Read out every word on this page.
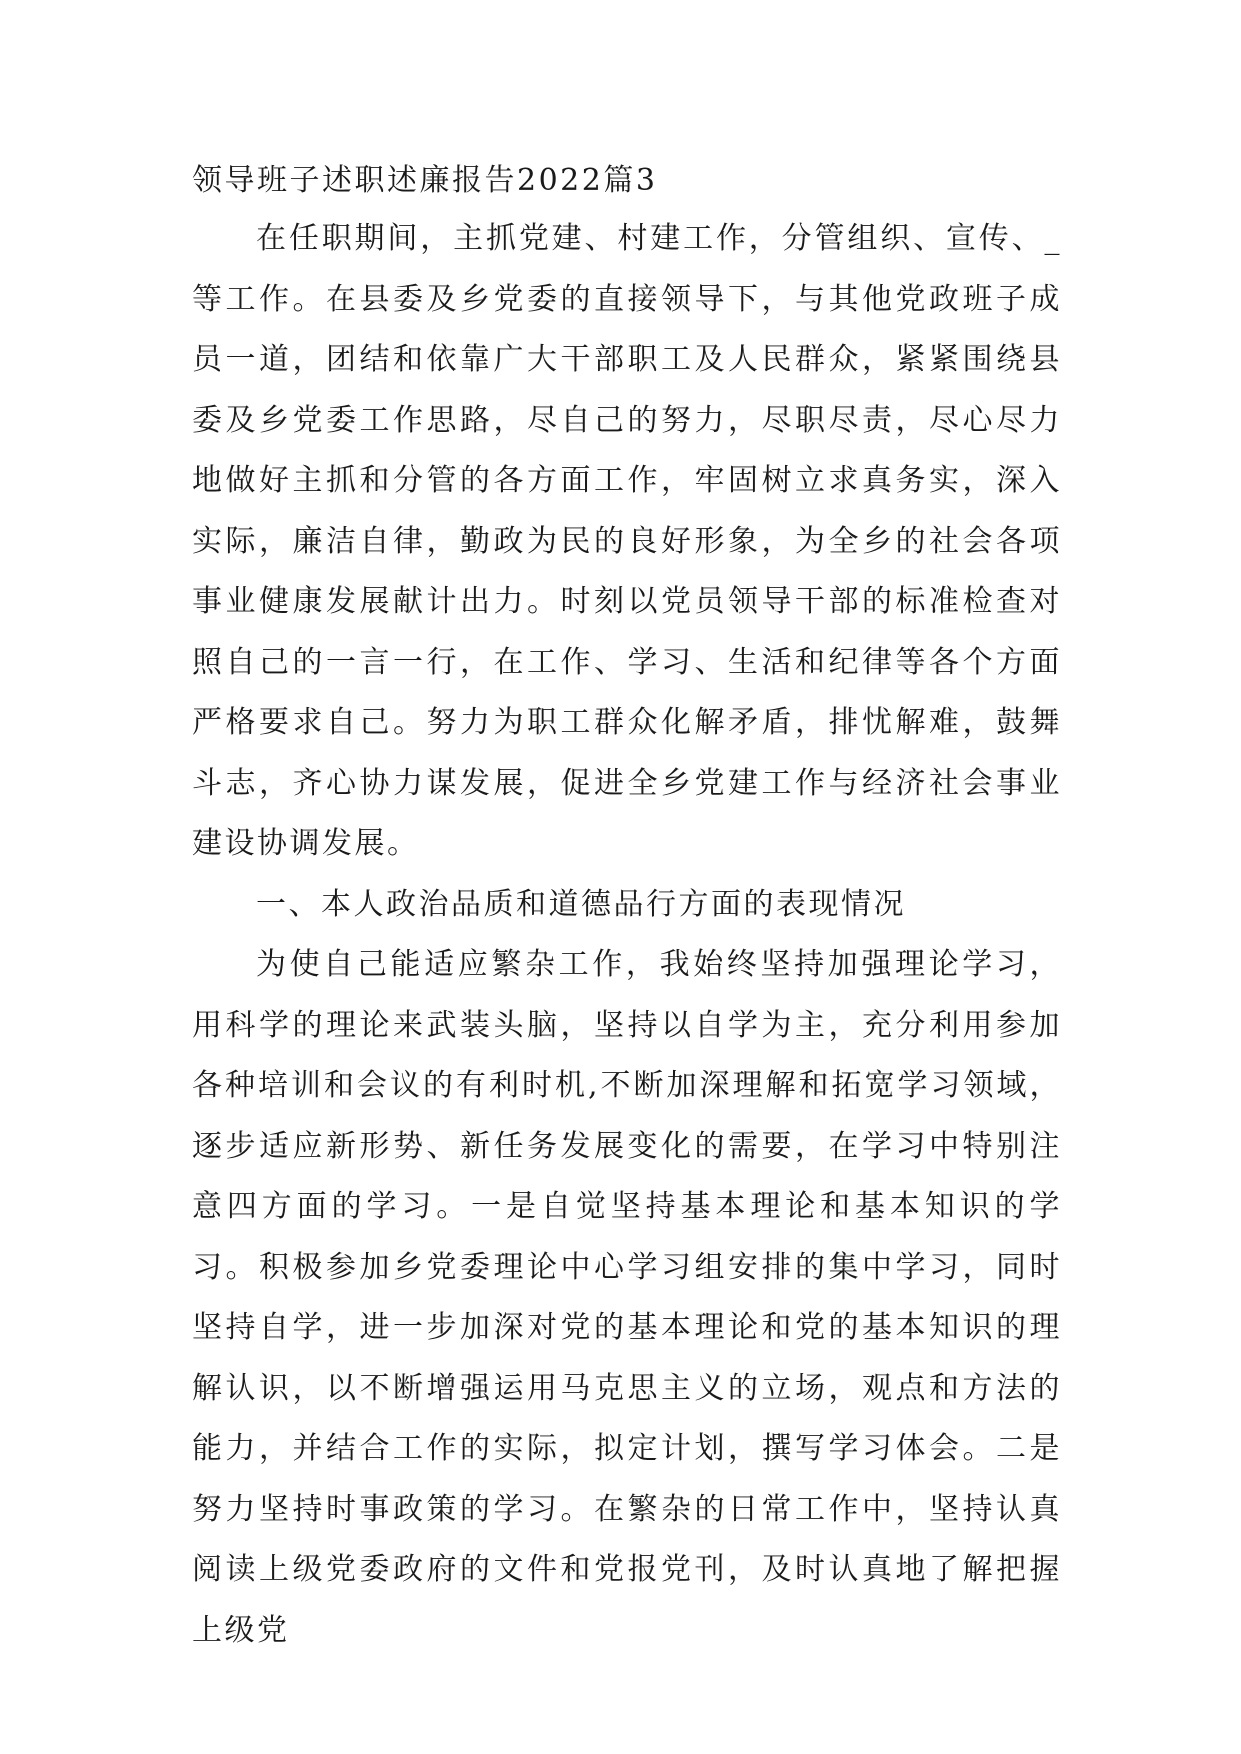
领导班子述职述廉报告2022篇3

在任职期间，主抓党建、村建工作，分管组织、宣传、_等工作。在县委及乡党委的直接领导下，与其他党政班子成员一道，团结和依靠广大干部职工及人民群众，紧紧围绕县委及乡党委工作思路，尽自己的努力，尽职尽责，尽心尽力地做好主抓和分管的各方面工作，牢固树立求真务实，深入实际，廉洁自律，勤政为民的良好形象，为全乡的社会各项事业健康发展献计出力。时刻以党员领导干部的标准检查对照自己的一言一行，在工作、学习、生活和纪律等各个方面严格要求自己。努力为职工群众化解矛盾，排忧解难，鼓舞斗志，齐心协力谋发展，促进全乡党建工作与经济社会事业建设协调发展。

一、本人政治品质和道德品行方面的表现情况

为使自己能适应繁杂工作，我始终坚持加强理论学习，用科学的理论来武装头脑，坚持以自学为主，充分利用参加各种培训和会议的有利时机,不断加深理解和拓宽学习领域，逐步适应新形势、新任务发展变化的需要，在学习中特别注意四方面的学习。一是自觉坚持基本理论和基本知识的学习。积极参加乡党委理论中心学习组安排的集中学习，同时坚持自学，进一步加深对党的基本理论和党的基本知识的理解认识，以不断增强运用马克思主义的立场，观点和方法的能力，并结合工作的实际，拟定计划，撰写学习体会。二是努力坚持时事政策的学习。在繁杂的日常工作中，坚持认真阅读上级党委政府的文件和党报党刊，及时认真地了解把握上级党
